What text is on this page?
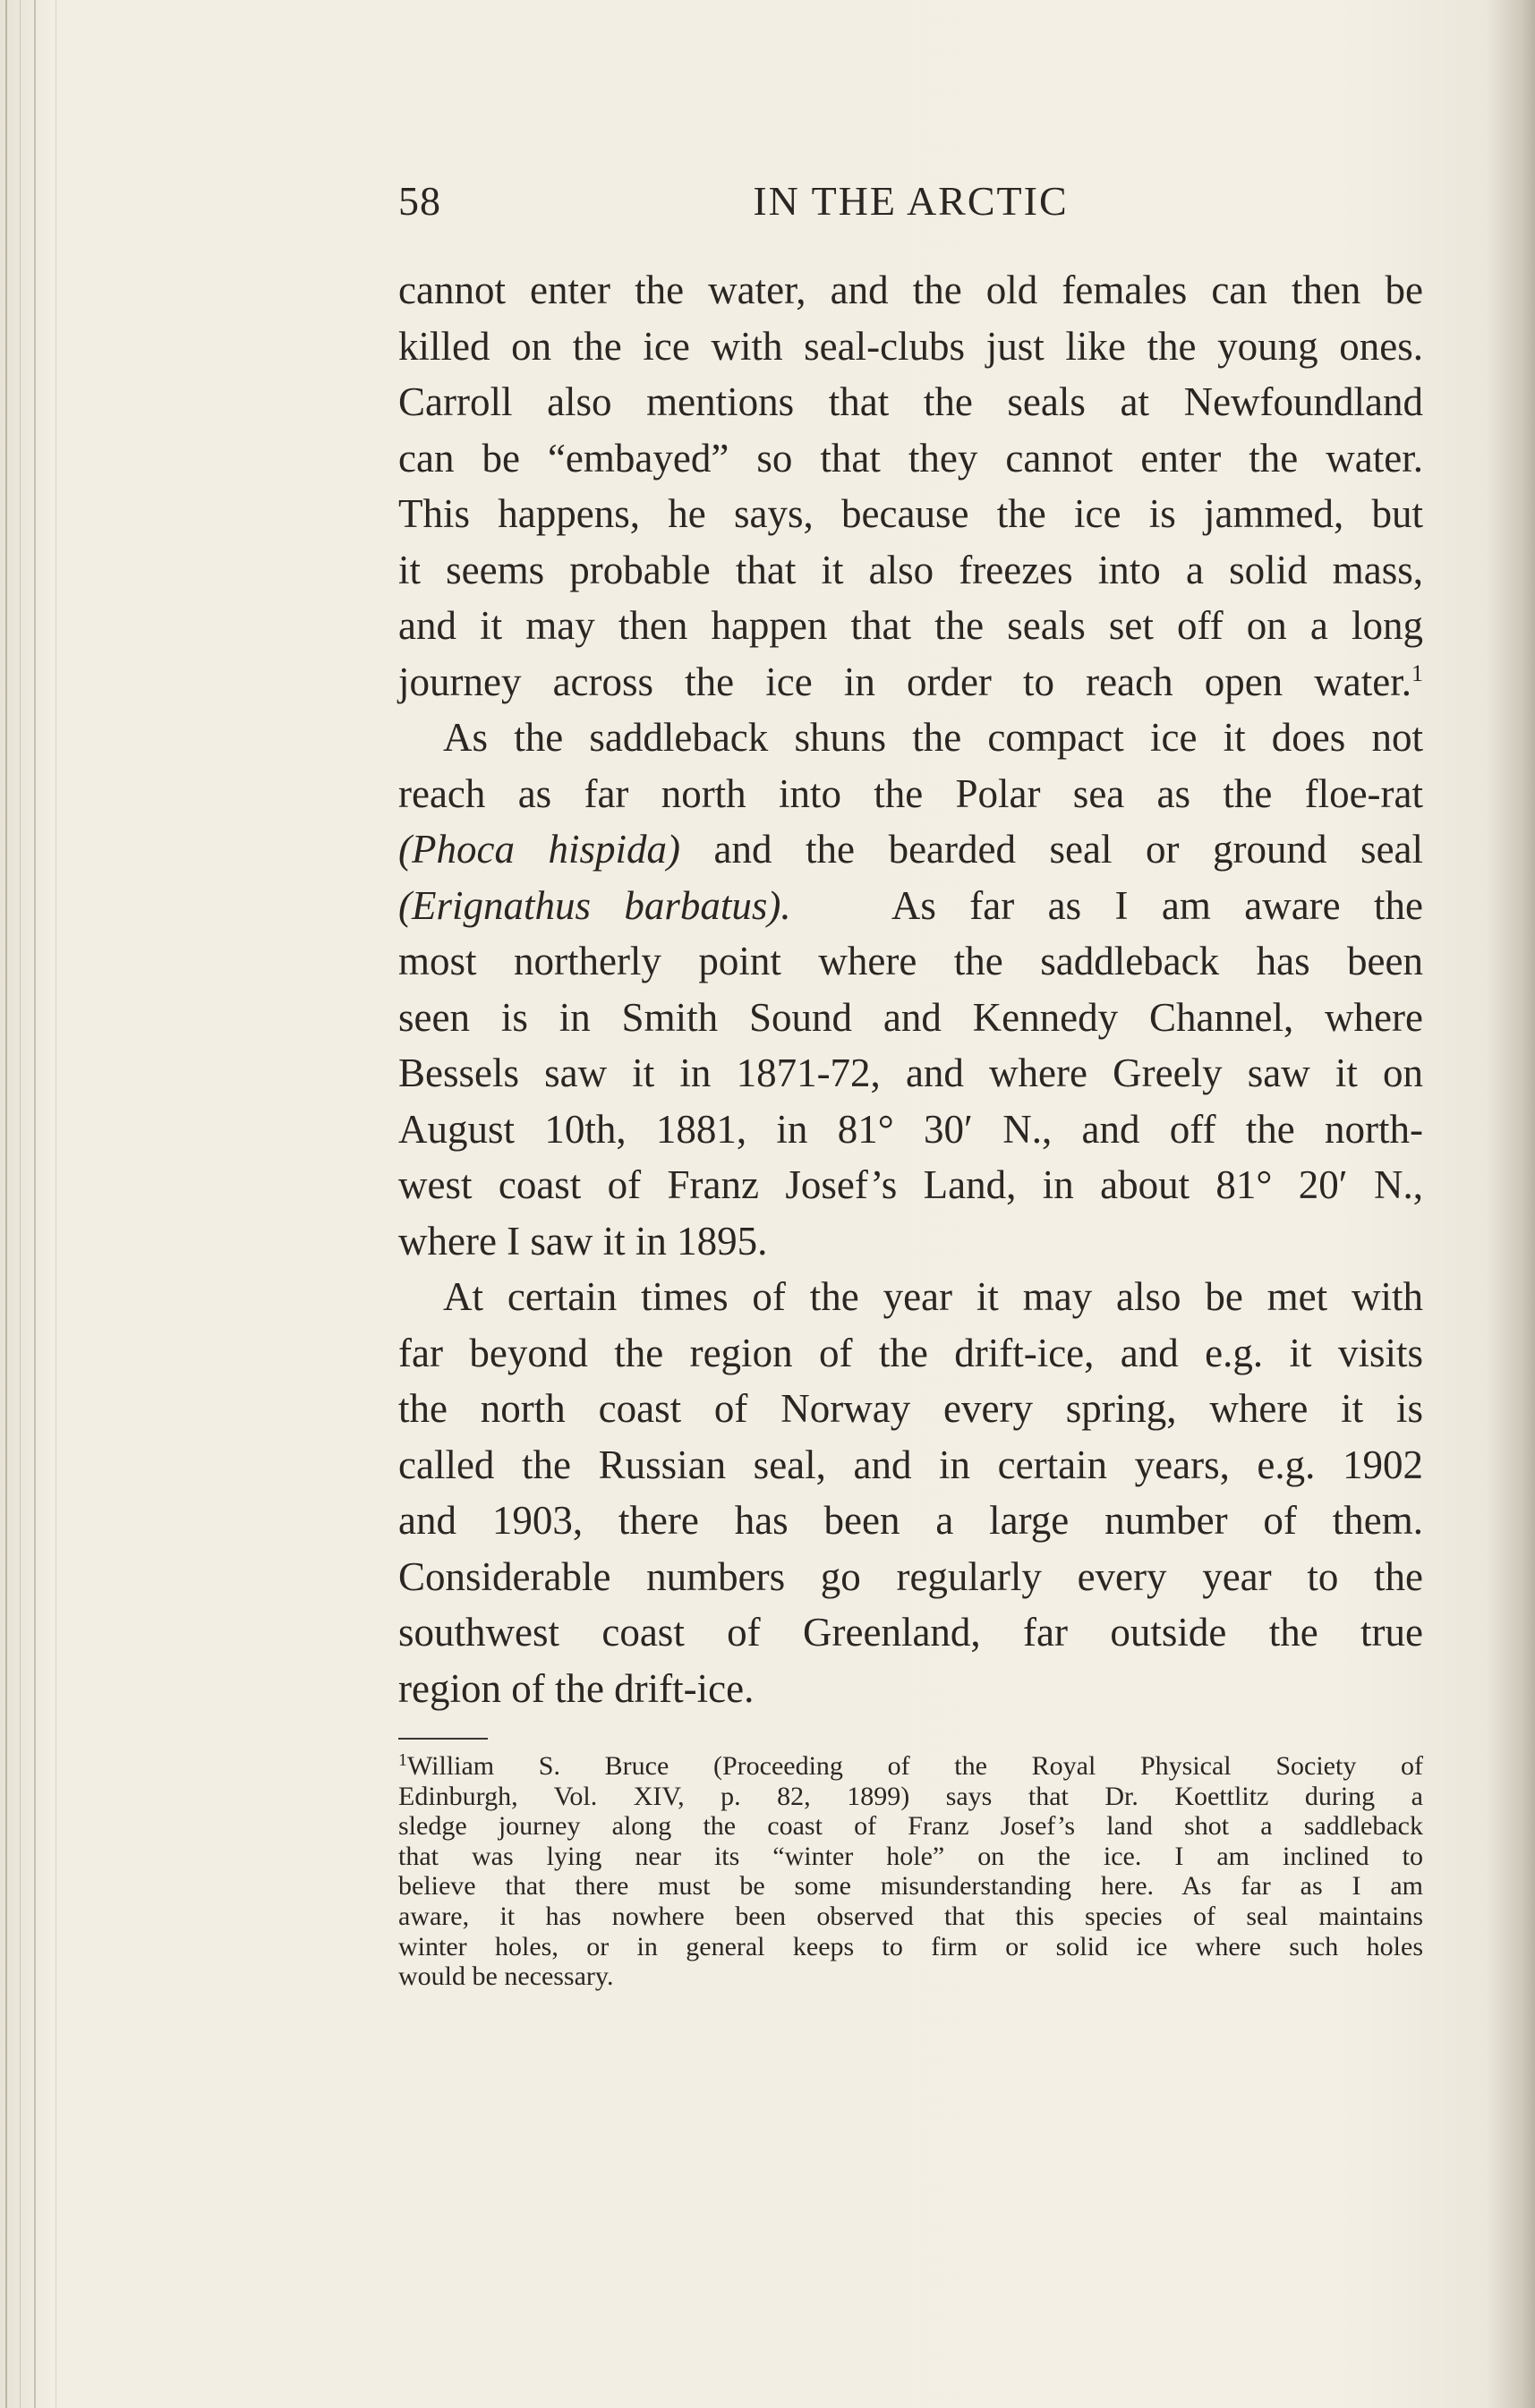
58	IN THE ARCTIC
cannot enter the water, and the old females can then be
killed on the ice with seal-clubs just like the young ones.
Carroll also mentions that the seals at Newfoundland
can be “embayed” so that they cannot enter the water.
This happens, he says, because the ice is jammed, but
it seems probable that it also freezes into a solid mass,
and it may then happen that the seals set off on a long
journey across the ice in order to reach open water.$^1$
As the saddleback shuns the compact ice it does not
reach as far north into the Polar sea as the floe-rat
(Phoca hispida) and the bearded seal or ground seal
(Erignathus barbatus). As far as I am aware the
most northerly point where the saddleback has been
seen is in Smith Sound and Kennedy Channel, where
Bessels saw it in 1871-72, and where Greely saw it on
August 10th, 1881, in 81° 30′ N., and off the north-
west coast of Franz Josef’s Land, in about 81° 20′ N.,
where I saw it in 1895.
At certain times of the year it may also be met with
far beyond the region of the drift-ice, and e.g. it visits
the north coast of Norway every spring, where it is
called the Russian seal, and in certain years, e.g. 1902
and 1903, there has been a large number of them.
Considerable numbers go regularly every year to the
southwest coast of Greenland, far outside the true
region of the drift-ice.
$^1$William S. Bruce (Proceeding of the Royal Physical Society of
Edinburgh, Vol. XIV, p. 82, 1899) says that Dr. Koettlitz during a
sledge journey along the coast of Franz Josef’s land shot a saddleback
that was lying near its “winter hole” on the ice. I am inclined to
believe that there must be some misunderstanding here. As far as I am
aware, it has nowhere been observed that this species of seal maintains
winter holes, or in general keeps to firm or solid ice where such holes
would be necessary.
